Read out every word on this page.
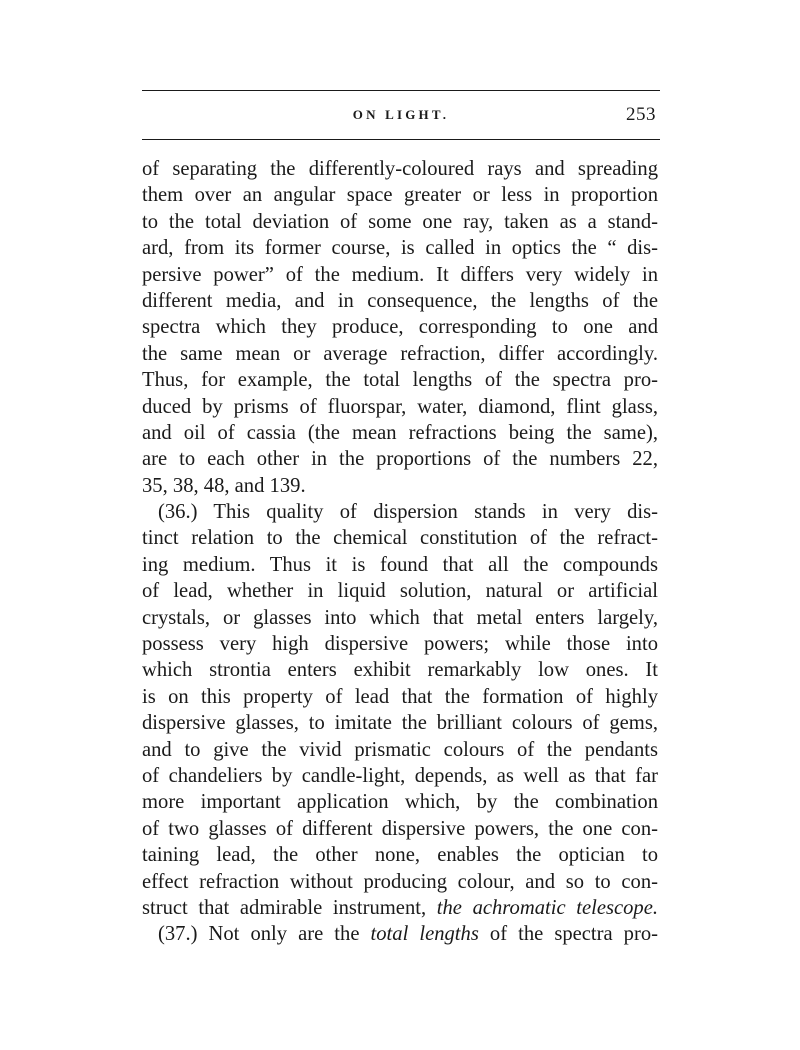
ON LIGHT.	253
of separating the differently-coloured rays and spreading
them over an angular space greater or less in proportion
to the total deviation of some one ray, taken as a stand-
ard, from its former course, is called in optics the “ dis-
persive power” of the medium. It differs very widely in
different media, and in consequence, the lengths of the
spectra which they produce, corresponding to one and
the same mean or average refraction, differ accordingly.
Thus, for example, the total lengths of the spectra pro-
duced by prisms of fluorspar, water, diamond, flint glass,
and oil of cassia (the mean refractions being the same),
are to each other in the proportions of the numbers 22,
35, 38, 48, and 139.
(36.) This quality of dispersion stands in very dis-
tinct relation to the chemical constitution of the refract-
ing medium. Thus it is found that all the compounds
of lead, whether in liquid solution, natural or artificial
crystals, or glasses into which that metal enters largely,
possess very high dispersive powers; while those into
which strontia enters exhibit remarkably low ones. It
is on this property of lead that the formation of highly
dispersive glasses, to imitate the brilliant colours of gems,
and to give the vivid prismatic colours of the pendants
of chandeliers by candle-light, depends, as well as that far
more important application which, by the combination
of two glasses of different dispersive powers, the one con-
taining lead, the other none, enables the optician to
effect refraction without producing colour, and so to con-
struct that admirable instrument, the achromatic telescope.
(37.) Not only are the total lengths of the spectra pro-
